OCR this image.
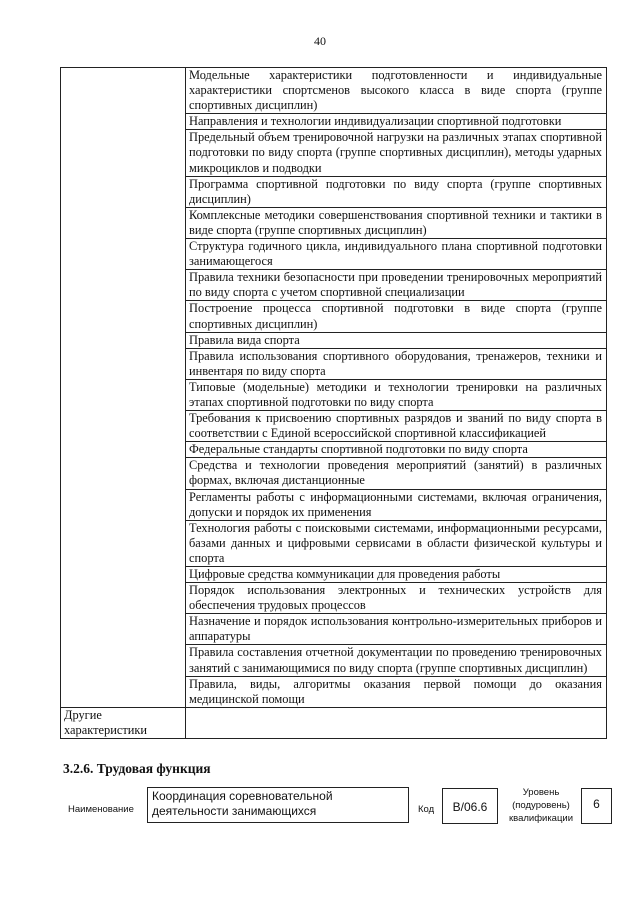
40
	Модельные характеристики подготовленности и индивидуальные характеристики спортсменов высокого класса в виде спорта (группе спортивных дисциплин)
	Направления и технологии индивидуализации спортивной подготовки
	Предельный объем тренировочной нагрузки на различных этапах спортивной подготовки по виду спорта (группе спортивных дисциплин), методы ударных микроциклов и подводки
	Программа спортивной подготовки по виду спорта (группе спортивных дисциплин)
	Комплексные методики совершенствования спортивной техники и тактики в виде спорта (группе спортивных дисциплин)
	Структура годичного цикла, индивидуального плана спортивной подготовки занимающегося
	Правила техники безопасности при проведении тренировочных мероприятий по виду спорта с учетом спортивной специализации
	Построение процесса спортивной подготовки в виде спорта (группе спортивных дисциплин)
	Правила вида спорта
	Правила использования спортивного оборудования, тренажеров, техники и инвентаря по виду спорта
	Типовые (модельные) методики и технологии тренировки на различных этапах спортивной подготовки по виду спорта
	Требования к присвоению спортивных разрядов и званий по виду спорта в соответствии с Единой всероссийской спортивной классификацией
	Федеральные стандарты спортивной подготовки по виду спорта
	Средства и технологии проведения мероприятий (занятий) в различных формах, включая дистанционные
	Регламенты работы с информационными системами, включая ограничения, допуски и порядок их применения
	Технология работы с поисковыми системами, информационными ресурсами, базами данных и цифровыми сервисами в области физической культуры и спорта
	Цифровые средства коммуникации для проведения работы
	Порядок использования электронных и технических устройств для обеспечения трудовых процессов
	Назначение и порядок использования контрольно-измерительных приборов и аппаратуры
	Правила составления отчетной документации по проведению тренировочных занятий с занимающимися по виду спорта (группе спортивных дисциплин)
	Правила, виды, алгоритмы оказания первой помощи до оказания медицинской помощи
Другие характеристики	
3.2.6. Трудовая функция
Наименование
Координация соревновательной деятельности занимающихся	Код	В/06.6
Уровень (подуровень) квалификации
6
